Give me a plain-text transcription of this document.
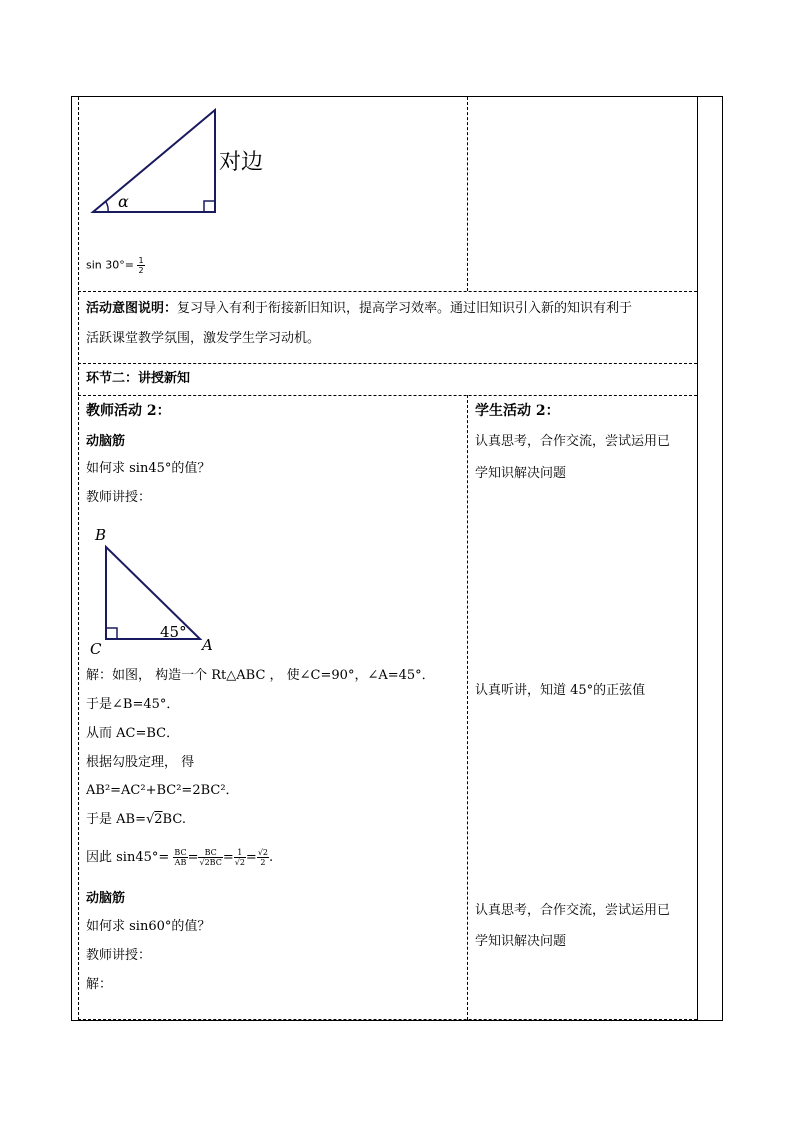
对边
α
$\sin 30^\circ= \frac{1}{2}$
活动意图说明：复习导入有利于衔接新旧知识，提高学习效率。通过旧知识引入新的知识有利于
活跃课堂教学氛围，激发学生学习动机。
环节二：讲授新知
教师活动 2：
动脑筋
如何求 sin45°的值？
教师讲授：
B
C	A
45°
解：如图， 构造一个 Rt△ABC ， 使∠C=90°，∠A=45°．
于是∠B=45°．
从而 AC=BC．
根据勾股定理， 得
AB²=AC²+BC²=2BC²．
于是 AB=√2BC.
因此 $\sin 45^\circ= \frac{BC}{AB} = \frac{BC}{√2BC} = \frac{1}{√2} = \frac{√2}{2}$ .
动脑筋
如何求 sin60°的值？
教师讲授：
解：
学生活动 2：
认真思考，合作交流，尝试运用已
学知识解决问题
认真听讲，知道 45°的正弦值
认真思考，合作交流，尝试运用已
学知识解决问题
